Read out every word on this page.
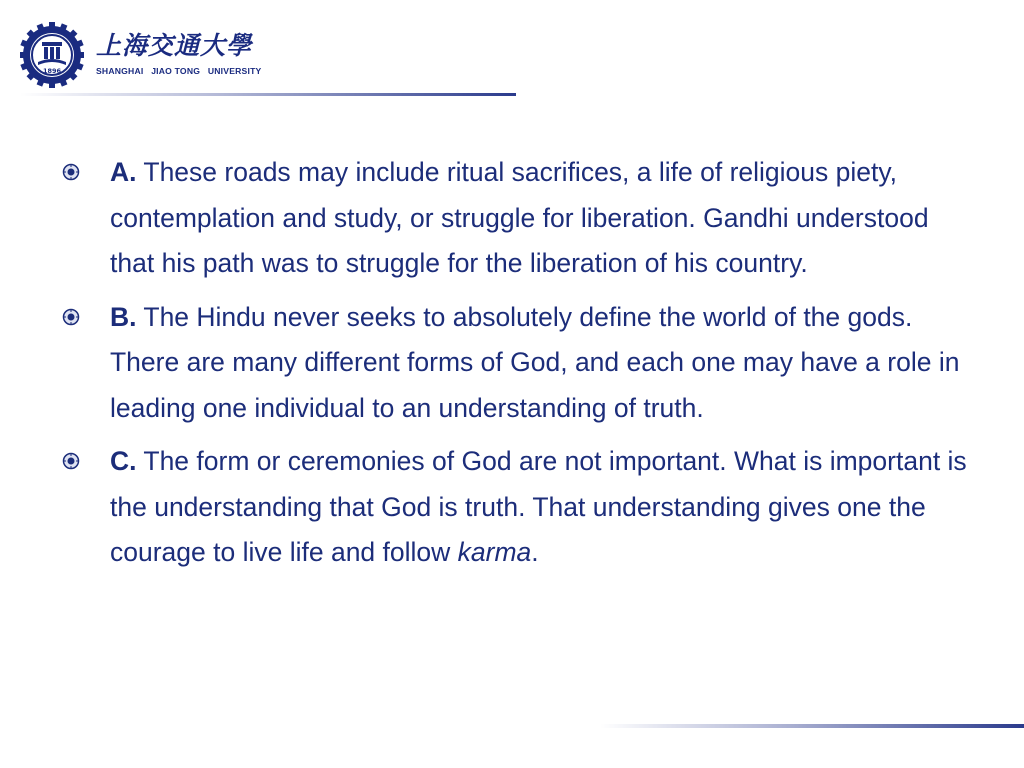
1896
上海交通大學
SHANGHAI   JIAO TONG   UNIVERSITY
A. These roads may include ritual sacrifices, a life of religious piety, contemplation and study, or struggle for liberation. Gandhi understood that his path was to struggle for the liberation of his country.
B. The Hindu never seeks to absolutely define the world of the gods. There are many different forms of God, and each one may have a role in leading one individual to an understanding of truth.
C. The form or ceremonies of God are not important. What is important is the understanding that God is truth. That understanding gives one the courage to live life and follow karma.
